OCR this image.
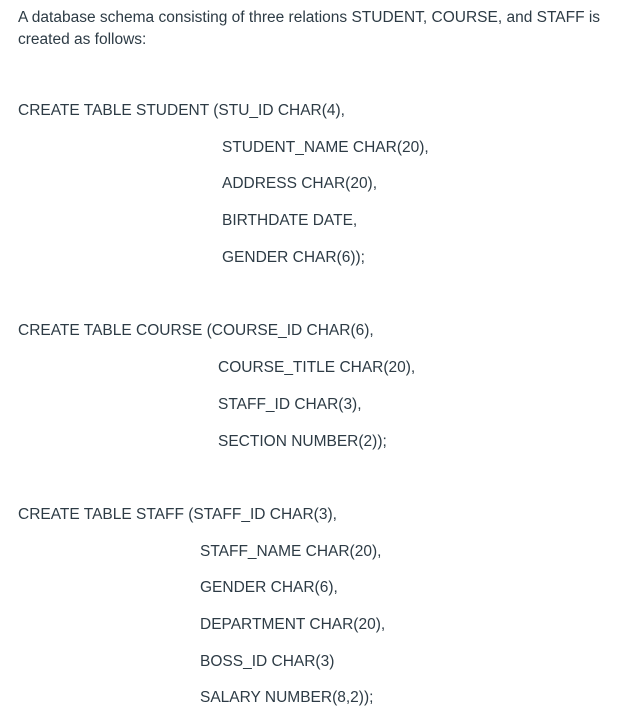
A database schema consisting of three relations STUDENT, COURSE, and STAFF is created as follows:

CREATE TABLE STUDENT (STU_ID CHAR(4),
STUDENT_NAME CHAR(20),
ADDRESS CHAR(20),
BIRTHDATE DATE,
GENDER CHAR(6));
CREATE TABLE COURSE (COURSE_ID CHAR(6),
COURSE_TITLE CHAR(20),
STAFF_ID CHAR(3),
SECTION NUMBER(2));
CREATE TABLE STAFF (STAFF_ID CHAR(3),
STAFF_NAME CHAR(20),
GENDER CHAR(6),
DEPARTMENT CHAR(20),
BOSS_ID CHAR(3)
SALARY NUMBER(8,2));
